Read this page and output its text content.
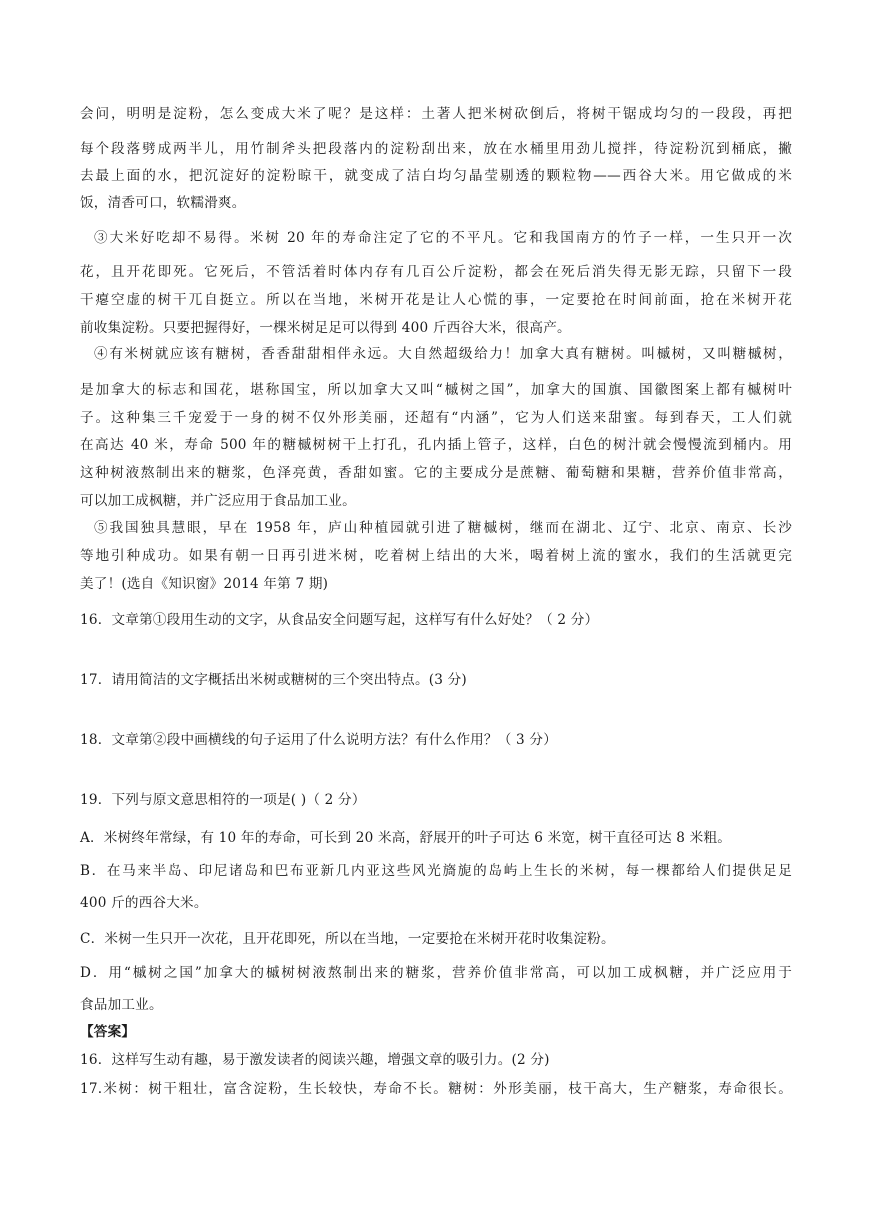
会问，明明是淀粉，怎么变成大米了呢？是这样：土著人把米树砍倒后，将树干锯成均匀的一段段，再把
每个段落劈成两半儿，用竹制斧头把段落内的淀粉刮出来，放在水桶里用劲儿搅拌，待淀粉沉到桶底，撇
去最上面的水，把沉淀好的淀粉晾干，就变成了洁白均匀晶莹剔透的颗粒物——西谷大米。用它做成的米
饭，清香可口，软糯滑爽。
③大米好吃却不易得。米树 20 年的寿命注定了它的不平凡。它和我国南方的竹子一样，一生只开一次
花，且开花即死。它死后，不管活着时体内存有几百公斤淀粉，都会在死后消失得无影无踪，只留下一段
干瘪空虚的树干兀自挺立。所以在当地，米树开花是让人心慌的事，一定要抢在时间前面，抢在米树开花
前收集淀粉。只要把握得好，一棵米树足足可以得到 400 斤西谷大米，很高产。
④有米树就应该有糖树，香香甜甜相伴永远。大自然超级给力！加拿大真有糖树。叫槭树，又叫糖槭树，
是加拿大的标志和国花，堪称国宝，所以加拿大又叫“槭树之国”，加拿大的国旗、国徽图案上都有槭树叶
子。这种集三千宠爱于一身的树不仅外形美丽，还超有“内涵”，它为人们送来甜蜜。每到春天，工人们就
在高达 40 米，寿命 500 年的糖槭树树干上打孔，孔内插上管子，这样，白色的树汁就会慢慢流到桶内。用
这种树液熬制出来的糖浆，色泽亮黄，香甜如蜜。它的主要成分是蔗糖、葡萄糖和果糖，营养价值非常高，
可以加工成枫糖，并广泛应用于食品加工业。
⑤我国独具慧眼，早在 1958 年，庐山种植园就引进了糖槭树，继而在湖北、辽宁、北京、南京、长沙
等地引种成功。如果有朝一日再引进米树，吃着树上结出的大米，喝着树上流的蜜水，我们的生活就更完
美了！(选自《知识窗》2014 年第 7 期)
16．文章第①段用生动的文字，从食品安全问题写起，这样写有什么好处？（ 2 分）
17．请用简洁的文字概括出米树或糖树的三个突出特点。(3 分)
18．文章第②段中画横线的句子运用了什么说明方法？有什么作用？（ 3 分）
19．下列与原文意思相符的一项是( )（ 2 分）
A．米树终年常绿，有 10 年的寿命，可长到 20 米高，舒展开的叶子可达 6 米宽，树干直径可达 8 米粗。
B．在马来半岛、印尼诸岛和巴布亚新几内亚这些风光旖旎的岛屿上生长的米树，每一棵都给人们提供足足
400 斤的西谷大米。
C．米树一生只开一次花，且开花即死，所以在当地，一定要抢在米树开花时收集淀粉。
D．用“槭树之国”加拿大的槭树树液熬制出来的糖浆，营养价值非常高，可以加工成枫糖，并广泛应用于
食品加工业。
【答案】
16．这样写生动有趣，易于激发读者的阅读兴趣，增强文章的吸引力。(2 分)
17.米树：树干粗壮，富含淀粉，生长较快，寿命不长。糖树：外形美丽，枝干高大，生产糖浆，寿命很长。
